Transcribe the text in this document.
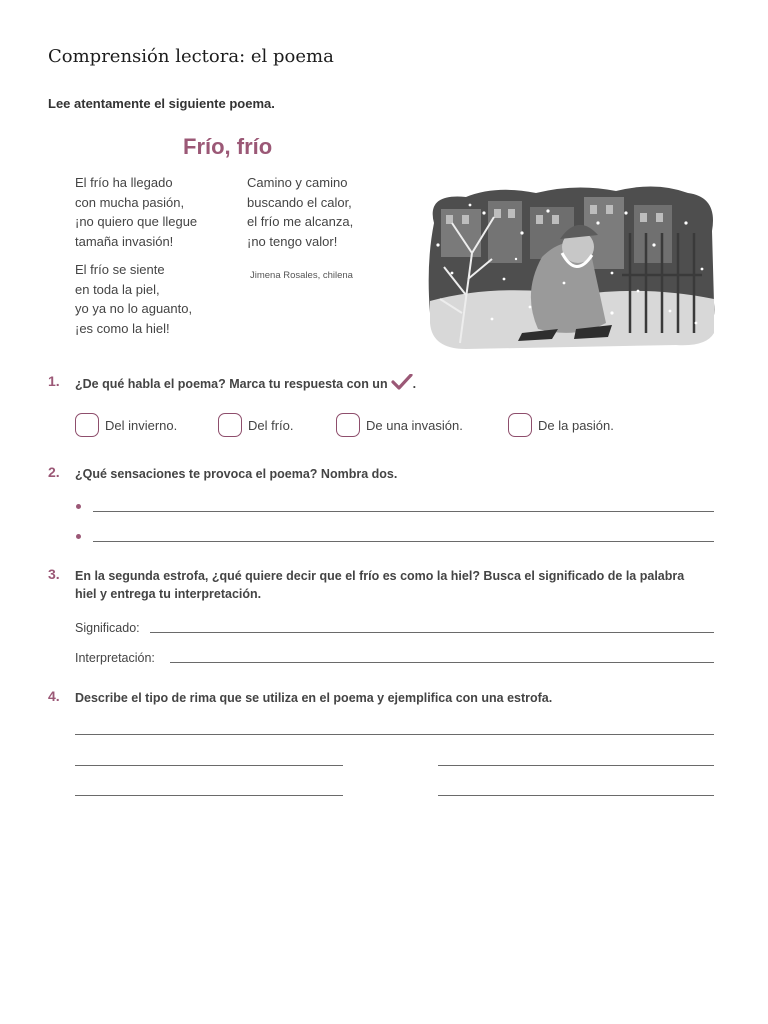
Comprensión lectora: el poema
Lee atentamente el siguiente poema.
Frío, frío
El frío ha llegado
con mucha pasión,
¡no quiero que llegue
tamaña invasión!
El frío se siente
en toda la piel,
yo ya no lo aguanto,
¡es como la hiel!
Camino y camino
buscando el calor,
el frío me alcanza,
¡no tengo valor!
Jimena Rosales, chilena
1. ¿De qué habla el poema? Marca tu respuesta con un .
Del invierno.	Del frío.	De una invasión.	De la pasión.
2. ¿Qué sensaciones te provoca el poema? Nombra dos.
3. En la segunda estrofa, ¿qué quiere decir que el frío es como la hiel? Busca el significado de la palabra
hiel y entrega tu interpretación.
Significado:
Interpretación:
4. Describe el tipo de rima que se utiliza en el poema y ejemplifica con una estrofa.
